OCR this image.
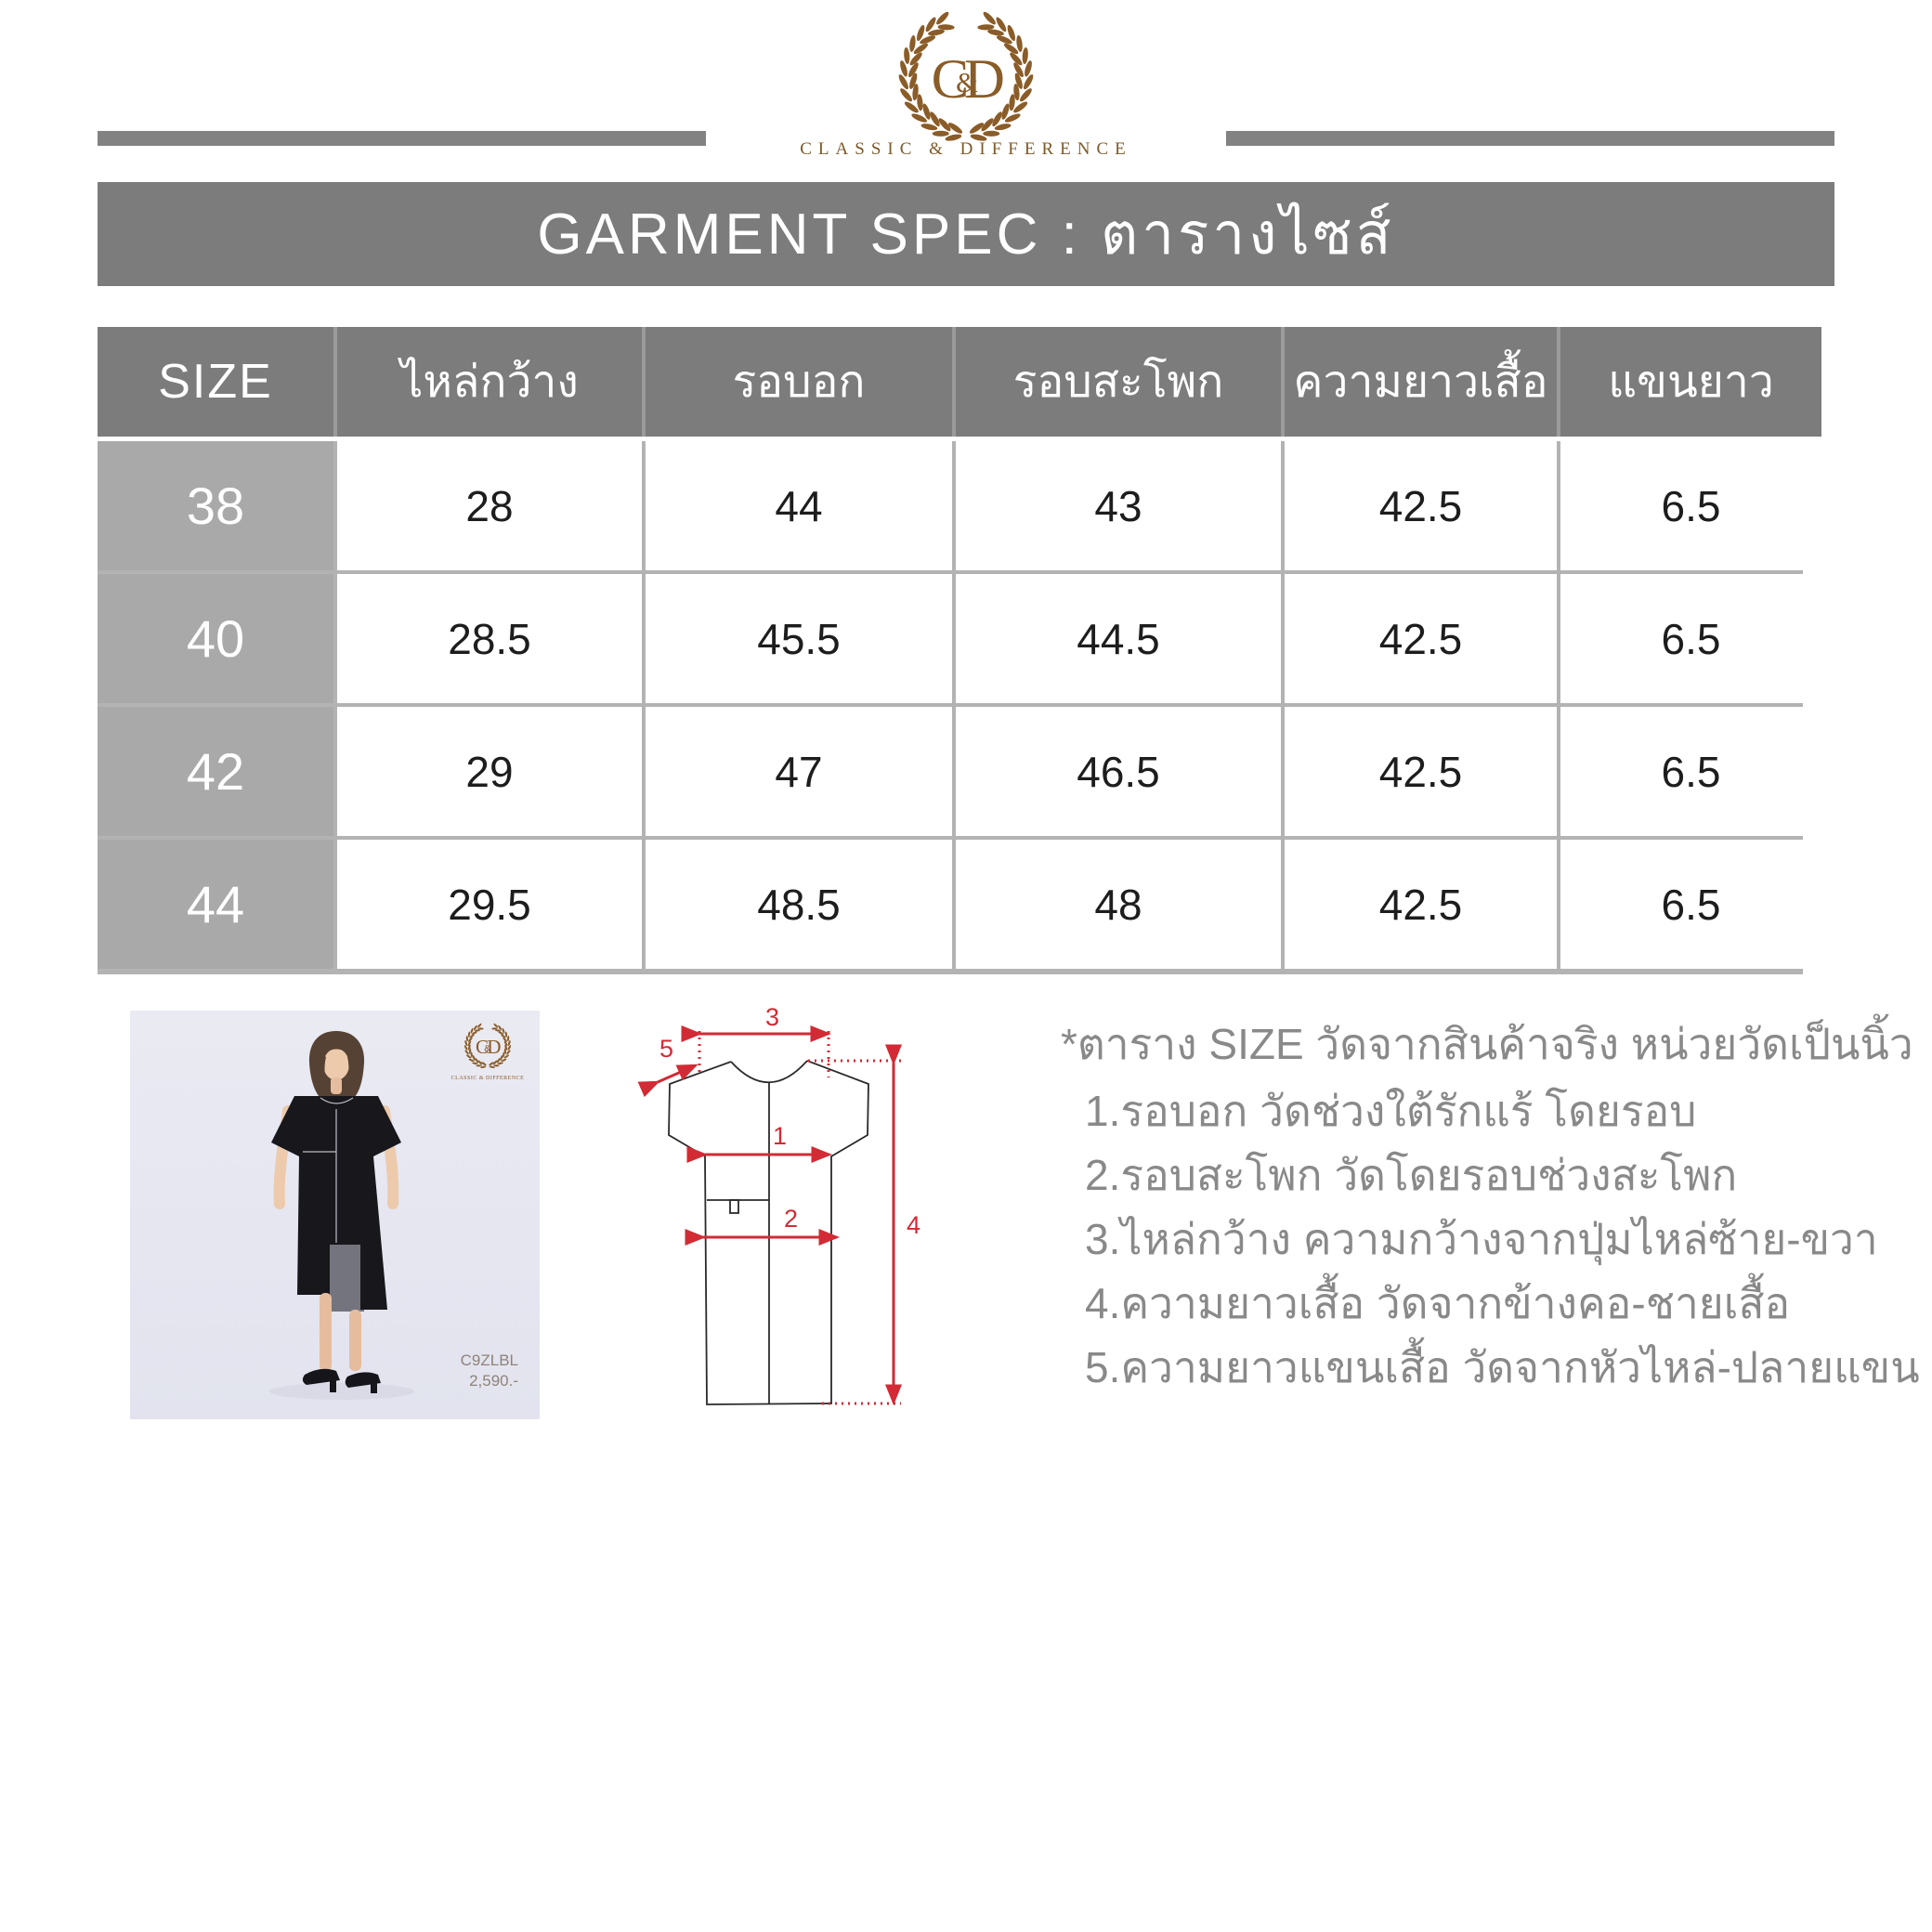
CLASSIC & DIFFERENCE
GARMENT SPEC : ตารางไซส์
SIZE	ไหล่กว้าง	รอบอก	รอบสะโพก	ความยาวเสื้อ	แขนยาว
38	28	44	43	42.5	6.5
40	28.5	45.5	44.5	42.5	6.5
42	29	47	46.5	42.5	6.5
44	29.5	48.5	48	42.5	6.5
CLASSIC & DIFFERENCE
C9ZLBL
2,590.-
3
5
1
2	4
*ตาราง SIZE วัดจากสินค้าจริง หน่วยวัดเป็นนิ้ว
1.รอบอก วัดช่วงใต้รักแร้ โดยรอบ
2.รอบสะโพก วัดโดยรอบช่วงสะโพก
3.ไหล่กว้าง ความกว้างจากปุ่มไหล่ซ้าย-ขวา
4.ความยาวเสื้อ วัดจากข้างคอ-ชายเสื้อ
5.ความยาวแขนเสื้อ วัดจากหัวไหล่-ปลายแขน
